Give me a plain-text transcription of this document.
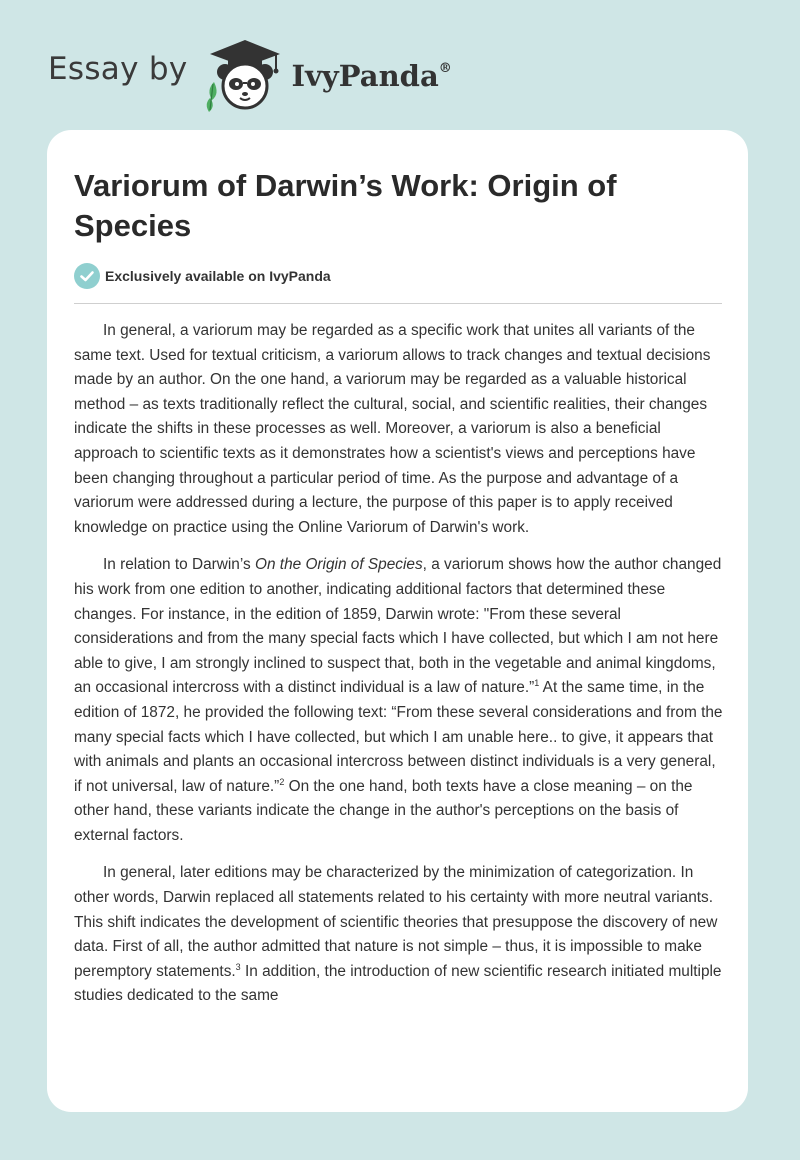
Essay by	IvyPanda®
Variorum of Darwin’s Work: Origin of Species
Exclusively available on IvyPanda

In general, a variorum may be regarded as a specific work that unites all variants of the same text. Used for textual criticism, a variorum allows to track changes and textual decisions made by an author. On the one hand, a variorum may be regarded as a valuable historical method – as texts traditionally reflect the cultural, social, and scientific realities, their changes indicate the shifts in these processes as well. Moreover, a variorum is also a beneficial approach to scientific texts as it demonstrates how a scientist's views and perceptions have been changing throughout a particular period of time. As the purpose and advantage of a variorum were addressed during a lecture, the purpose of this paper is to apply received knowledge on practice using the Online Variorum of Darwin's work.

In relation to Darwin’s On the Origin of Species, a variorum shows how the author changed his work from one edition to another, indicating additional factors that determined these changes. For instance, in the edition of 1859, Darwin wrote: "From these several considerations and from the many special facts which I have collected, but which I am not here able to give, I am strongly inclined to suspect that, both in the vegetable and animal kingdoms, an occasional intercross with a distinct individual is a law of nature.”$^1$ At the same time, in the edition of 1872, he provided the following text: “From these several considerations and from the many special facts which I have collected, but which I am unable here.. to give, it appears that with animals and plants an occasional intercross between distinct individuals is a very general, if not universal, law of nature.”$^2$ On the one hand, both texts have a close meaning – on the other hand, these variants indicate the change in the author's perceptions on the basis of external factors.

In general, later editions may be characterized by the minimization of categorization. In other words, Darwin replaced all statements related to his certainty with more neutral variants. This shift indicates the development of scientific theories that presuppose the discovery of new data. First of all, the author admitted that nature is not simple – thus, it is impossible to make peremptory statements.$^3$ In addition, the introduction of new scientific research initiated multiple studies dedicated to the same
